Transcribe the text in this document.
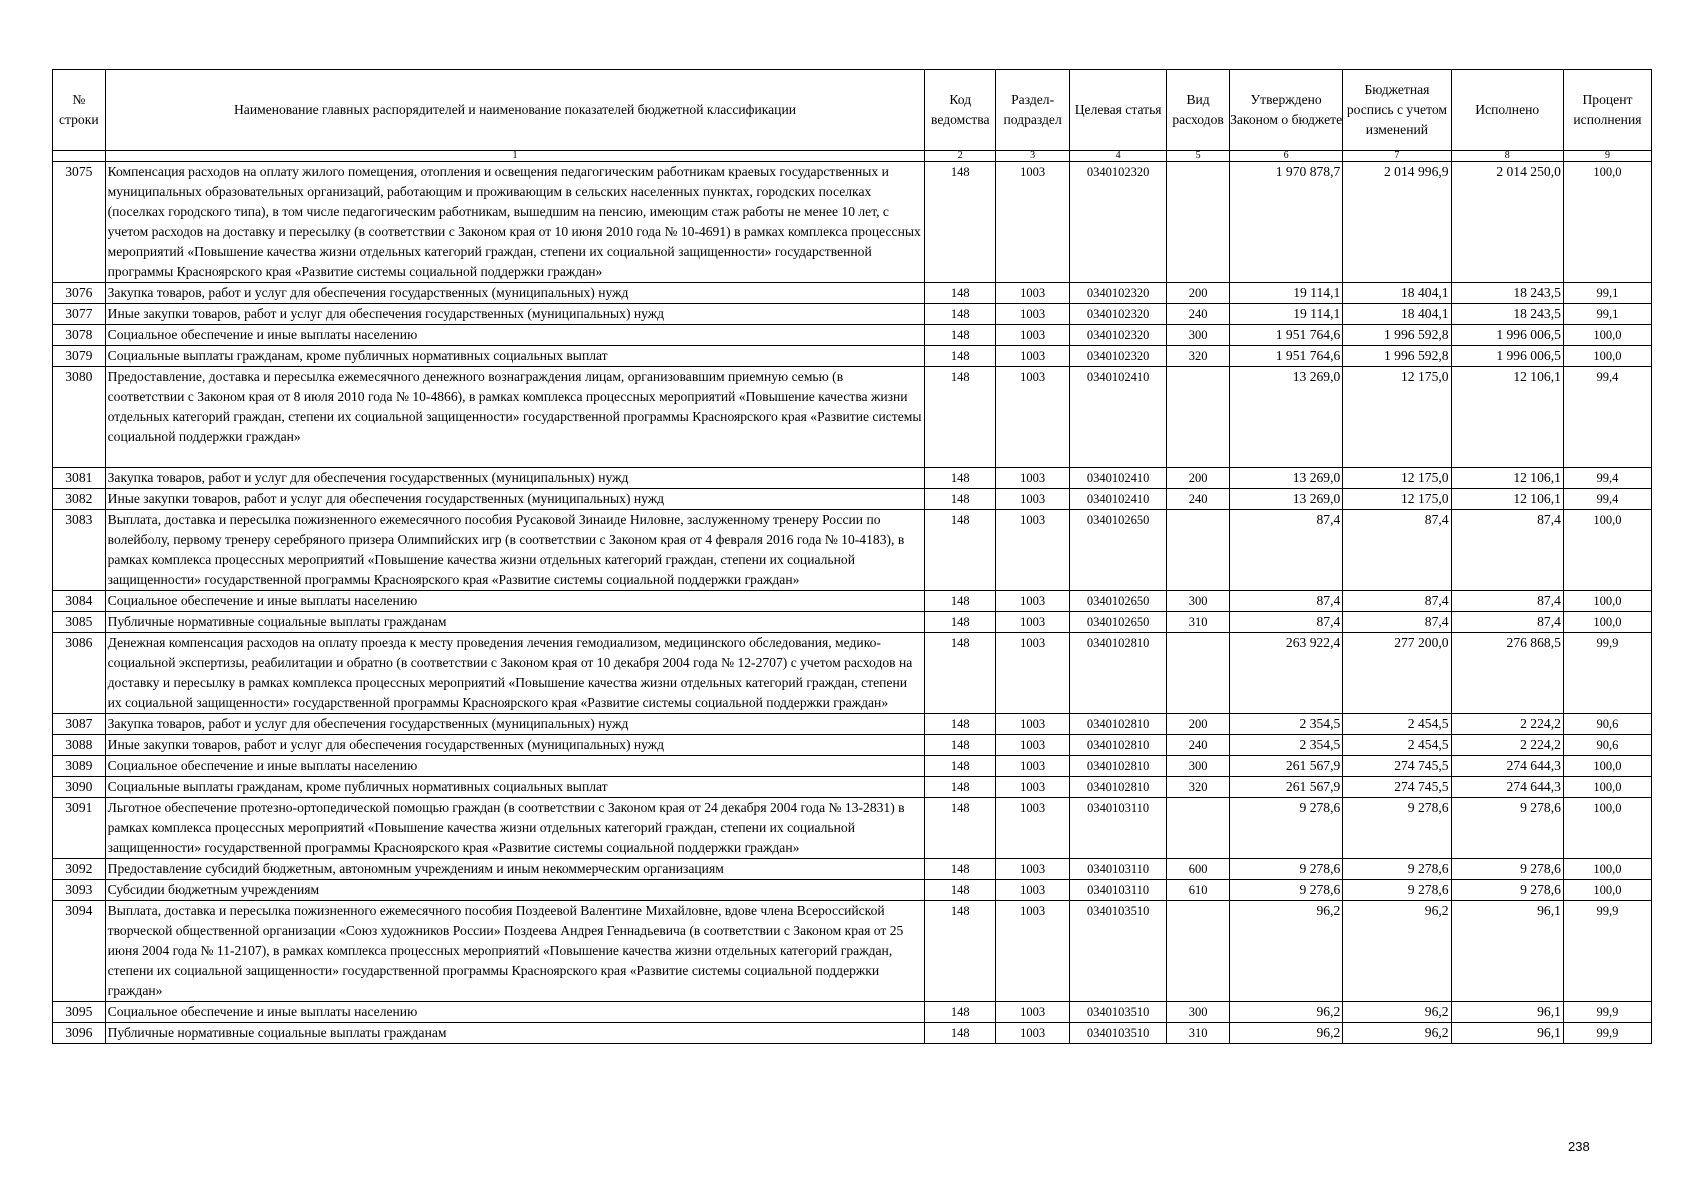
№ строки	Наименование главных распорядителей и наименование показателей бюджетной классификации	Код ведомства	Раздел-подраздел	Целевая статья	Вид расходов	Утверждено Законом о бюджете	Бюджетная роспись с учетом изменений	Исполнено	Процент исполнения
	1	2	3	4	5	6	7	8	9
3075	Компенсация расходов на оплату жилого помещения, отопления и освещения педагогическим работникам краевых государственных и муниципальных образовательных организаций, работающим и проживающим в сельских населенных пунктах, городских поселках (поселках городского типа), в том числе педагогическим работникам, вышедшим на пенсию, имеющим стаж работы не менее 10 лет, с учетом расходов на доставку и пересылку (в соответствии с Законом края от 10 июня 2010 года № 10-4691) в рамках комплекса процессных мероприятий «Повышение качества жизни отдельных категорий граждан, степени их социальной защищенности» государственной программы Красноярского края «Развитие системы социальной поддержки граждан»	148	1003	0340102320		1 970 878,7	2 014 996,9	2 014 250,0	100,0
3076	Закупка товаров, работ и услуг для обеспечения государственных (муниципальных) нужд	148	1003	0340102320	200	19 114,1	18 404,1	18 243,5	99,1
3077	Иные закупки товаров, работ и услуг для обеспечения государственных (муниципальных) нужд	148	1003	0340102320	240	19 114,1	18 404,1	18 243,5	99,1
3078	Социальное обеспечение и иные выплаты населению	148	1003	0340102320	300	1 951 764,6	1 996 592,8	1 996 006,5	100,0
3079	Социальные выплаты гражданам, кроме публичных нормативных социальных выплат	148	1003	0340102320	320	1 951 764,6	1 996 592,8	1 996 006,5	100,0
3080	Предоставление, доставка и пересылка ежемесячного денежного вознаграждения лицам, организовавшим приемную семью (в соответствии с Законом края от 8 июля 2010 года № 10-4866), в рамках комплекса процессных мероприятий «Повышение качества жизни отдельных категорий граждан, степени их социальной защищенности» государственной программы Красноярского края «Развитие системы социальной поддержки граждан»	148	1003	0340102410		13 269,0	12 175,0	12 106,1	99,4
3081	Закупка товаров, работ и услуг для обеспечения государственных (муниципальных) нужд	148	1003	0340102410	200	13 269,0	12 175,0	12 106,1	99,4
3082	Иные закупки товаров, работ и услуг для обеспечения государственных (муниципальных) нужд	148	1003	0340102410	240	13 269,0	12 175,0	12 106,1	99,4
3083	Выплата, доставка и пересылка пожизненного ежемесячного пособия Русаковой Зинаиде Ниловне, заслуженному тренеру России по волейболу, первому тренеру серебряного призера Олимпийских игр (в соответствии с Законом края от 4 февраля 2016 года № 10-4183), в рамках комплекса процессных мероприятий «Повышение качества жизни отдельных категорий граждан, степени их социальной защищенности» государственной программы Красноярского края «Развитие системы социальной поддержки граждан»	148	1003	0340102650		87,4	87,4	87,4	100,0
3084	Социальное обеспечение и иные выплаты населению	148	1003	0340102650	300	87,4	87,4	87,4	100,0
3085	Публичные нормативные социальные выплаты гражданам	148	1003	0340102650	310	87,4	87,4	87,4	100,0
3086	Денежная компенсация расходов на оплату проезда к месту проведения лечения гемодиализом, медицинского обследования, медико-социальной экспертизы, реабилитации и обратно (в соответствии с Законом края от 10 декабря 2004 года № 12-2707) с учетом расходов на доставку и пересылку в рамках комплекса процессных мероприятий «Повышение качества жизни отдельных категорий граждан, степени их социальной защищенности» государственной программы Красноярского края «Развитие системы социальной поддержки граждан»	148	1003	0340102810		263 922,4	277 200,0	276 868,5	99,9
3087	Закупка товаров, работ и услуг для обеспечения государственных (муниципальных) нужд	148	1003	0340102810	200	2 354,5	2 454,5	2 224,2	90,6
3088	Иные закупки товаров, работ и услуг для обеспечения государственных (муниципальных) нужд	148	1003	0340102810	240	2 354,5	2 454,5	2 224,2	90,6
3089	Социальное обеспечение и иные выплаты населению	148	1003	0340102810	300	261 567,9	274 745,5	274 644,3	100,0
3090	Социальные выплаты гражданам, кроме публичных нормативных социальных выплат	148	1003	0340102810	320	261 567,9	274 745,5	274 644,3	100,0
3091	Льготное обеспечение протезно-ортопедической помощью граждан (в соответствии с Законом края от 24 декабря 2004 года № 13-2831) в рамках комплекса процессных мероприятий «Повышение качества жизни отдельных категорий граждан, степени их социальной защищенности» государственной программы Красноярского края «Развитие системы социальной поддержки граждан»	148	1003	0340103110		9 278,6	9 278,6	9 278,6	100,0
3092	Предоставление субсидий бюджетным, автономным учреждениям и иным некоммерческим организациям	148	1003	0340103110	600	9 278,6	9 278,6	9 278,6	100,0
3093	Субсидии бюджетным учреждениям	148	1003	0340103110	610	9 278,6	9 278,6	9 278,6	100,0
3094	Выплата, доставка и пересылка пожизненного ежемесячного пособия Поздеевой Валентине Михайловне, вдове члена Всероссийской творческой общественной организации «Союз художников России» Поздеева Андрея Геннадьевича (в соответствии с Законом края от 25 июня 2004 года № 11-2107), в рамках комплекса процессных мероприятий «Повышение качества жизни отдельных категорий граждан, степени их социальной защищенности» государственной программы Красноярского края «Развитие системы социальной поддержки граждан»	148	1003	0340103510		96,2	96,2	96,1	99,9
3095	Социальное обеспечение и иные выплаты населению	148	1003	0340103510	300	96,2	96,2	96,1	99,9
3096	Публичные нормативные социальные выплаты гражданам	148	1003	0340103510	310	96,2	96,2	96,1	99,9
238
